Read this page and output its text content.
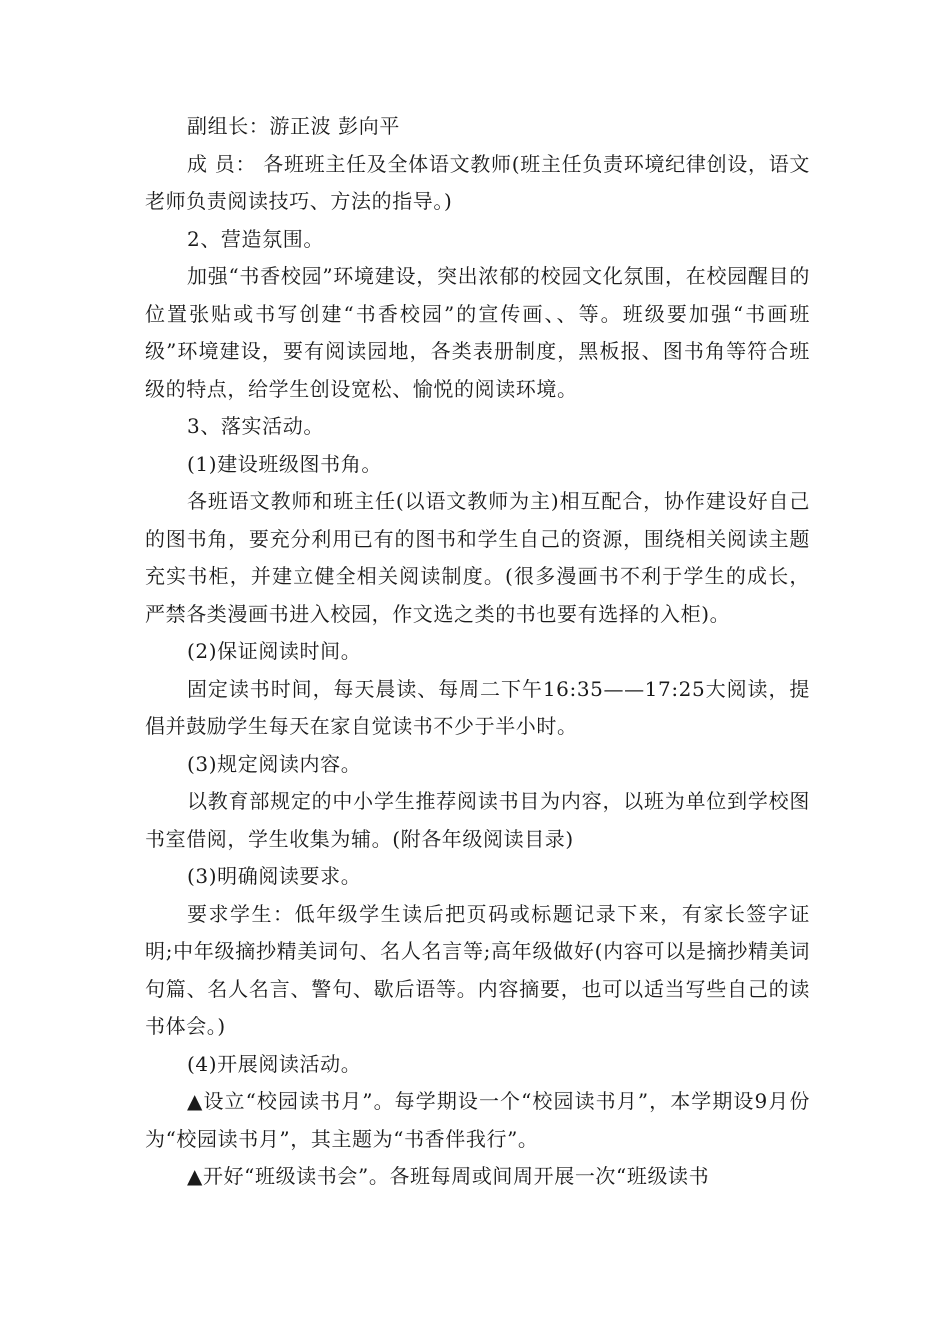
副组长：游正波 彭向平

成 员： 各班班主任及全体语文教师(班主任负责环境纪律创设，语文老师负责阅读技巧、方法的指导。)

2、营造氛围。

加强“书香校园”环境建设，突出浓郁的校园文化氛围，在校园醒目的位置张贴或书写创建“书香校园”的宣传画、、等。班级要加强“书画班级”环境建设，要有阅读园地，各类表册制度，黑板报、图书角等符合班级的特点，给学生创设宽松、愉悦的阅读环境。

3、落实活动。

(1)建设班级图书角。

各班语文教师和班主任(以语文教师为主)相互配合，协作建设好自己的图书角，要充分利用已有的图书和学生自己的资源，围绕相关阅读主题充实书柜，并建立健全相关阅读制度。(很多漫画书不利于学生的成长，严禁各类漫画书进入校园，作文选之类的书也要有选择的入柜)。

(2)保证阅读时间。

固定读书时间，每天晨读、每周二下午16:35——17:25大阅读，提倡并鼓励学生每天在家自觉读书不少于半小时。

(3)规定阅读内容。

以教育部规定的中小学生推荐阅读书目为内容，以班为单位到学校图书室借阅，学生收集为辅。(附各年级阅读目录)

(3)明确阅读要求。

要求学生：低年级学生读后把页码或标题记录下来，有家长签字证明;中年级摘抄精美词句、名人名言等;高年级做好(内容可以是摘抄精美词句篇、名人名言、警句、歇后语等。内容摘要，也可以适当写些自己的读书体会。)

(4)开展阅读活动。

▲设立“校园读书月”。每学期设一个“校园读书月”，本学期设9月份为“校园读书月”，其主题为“书香伴我行”。

▲开好“班级读书会”。各班每周或间周开展一次“班级读书
